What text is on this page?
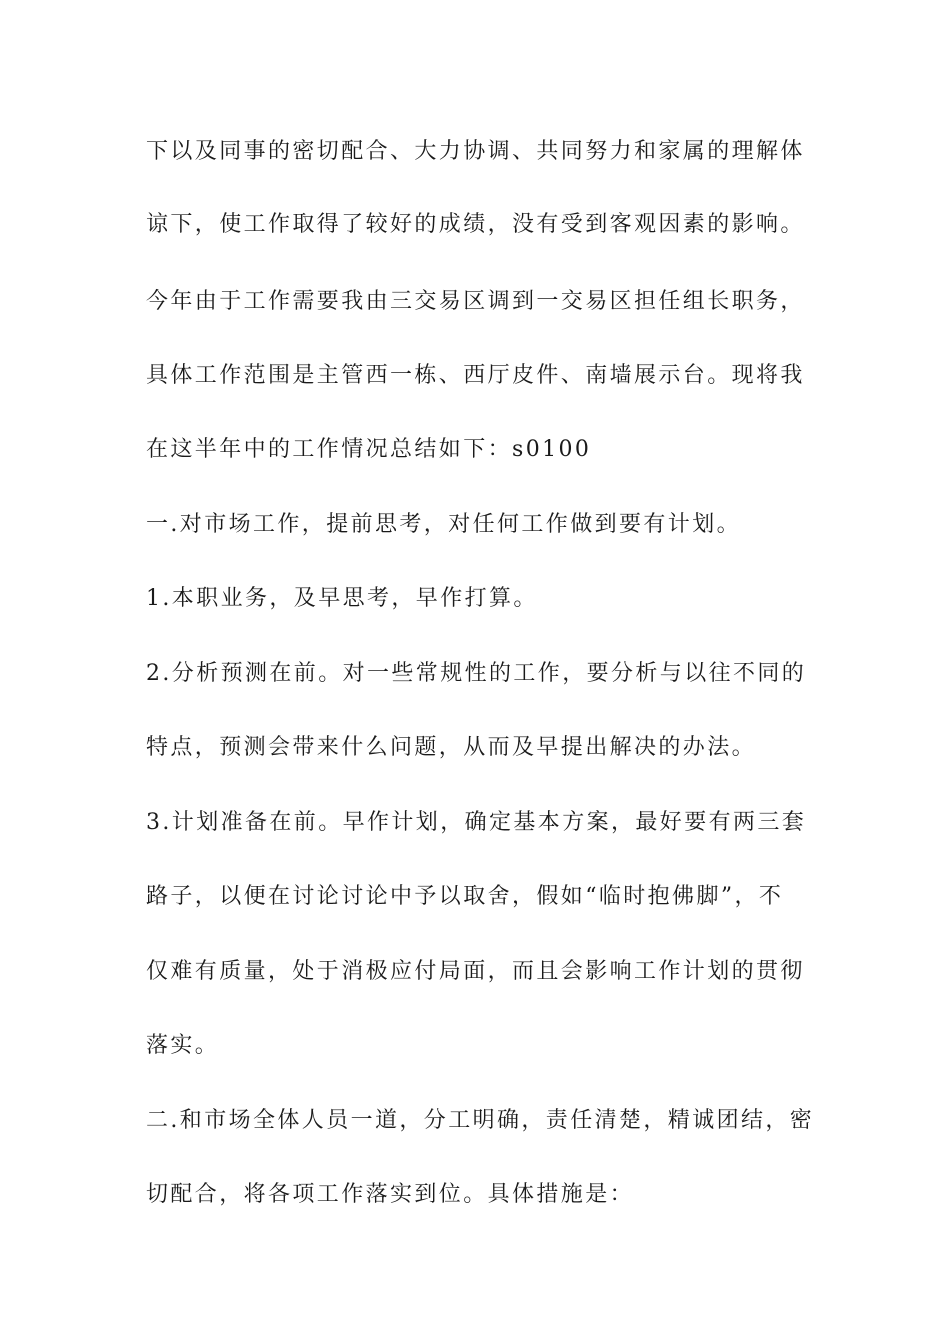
下以及同事的密切配合、大力协调、共同努力和家属的理解体
谅下，使工作取得了较好的成绩，没有受到客观因素的影响。
今年由于工作需要我由三交易区调到一交易区担任组长职务，
具体工作范围是主管西一栋、西厅皮件、南墙展示台。现将我
在这半年中的工作情况总结如下：s0100
一.对市场工作，提前思考，对任何工作做到要有计划。
1.本职业务，及早思考，早作打算。
2.分析预测在前。对一些常规性的工作，要分析与以往不同的
特点，预测会带来什么问题，从而及早提出解决的办法。
3.计划准备在前。早作计划，确定基本方案，最好要有两三套
路子，以便在讨论讨论中予以取舍，假如“临时抱佛脚”，不
仅难有质量，处于消极应付局面，而且会影响工作计划的贯彻
落实。
二.和市场全体人员一道，分工明确，责任清楚，精诚团结，密
切配合，将各项工作落实到位。具体措施是：
